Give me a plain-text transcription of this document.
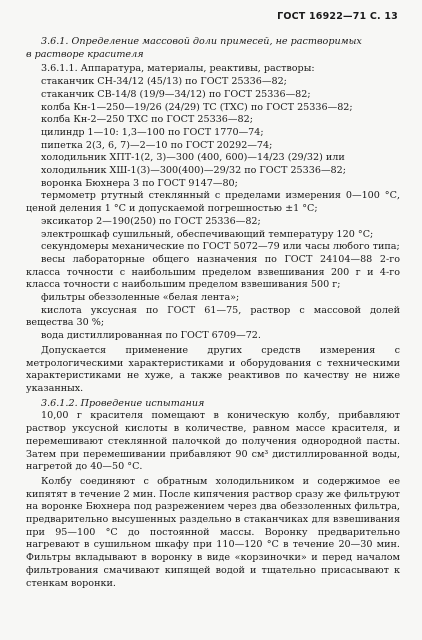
ГОСТ 16922—71 С. 13
3.6.1. Определение массовой доли примесей, не растворимых
в растворе красителя

3.6.1.1. Аппаратура, материалы, реактивы, растворы:

стаканчик СН-34/12 (45/13) по ГОСТ 25336—82;
стаканчик СВ-14/8 (19/9—34/12) по ГОСТ 25336—82;
колба Кн-1—250—19/26 (24/29) ТС (ТХС) по ГОСТ 25336—82;
колба Кн-2—250 ТХС по ГОСТ 25336—82;
цилиндр 1—10: 1,3—100 по ГОСТ 1770—74;
пипетка 2(3, 6, 7)—2—10 по ГОСТ 20292—74;
холодильник ХПТ-1(2, 3)—300 (400, 600)—14/23 (29/32) или
холодильник ХШ-1(3)—300(400)—29/32 по ГОСТ 25336—82;
воронка Бюхнера 3 по ГОСТ 9147—80;

термометр ртутный стеклянный с пределами измерения 0—100 °С, ценой деления 1 °С и допускаемой погрешностью ±1 °С;

эксикатор 2—190(250) по ГОСТ 25336—82;
электрошкаф сушильный, обеспечивающий температуру 120 °С;

секундомеры механические по ГОСТ 5072—79 или часы любого типа;

весы лабораторные общего назначения по ГОСТ 24104—88 2-го класса точности с наибольшим пределом взвешивания 200 г и 4-го класса точности с наибольшим пределом взвешивания 500 г;

фильтры обеззоленные «белая лента»;

кислота уксусная по ГОСТ 61—75, раствор с массовой долей вещества 30 %;

вода дистиллированная по ГОСТ 6709—72.

Допускается применение других средств измерения с метрологическими характеристиками и оборудования с техническими характеристиками не хуже, а также реактивов по качеству не ниже указанных.

3.6.1.2. Проведение испытания

10,00 г красителя помещают в коническую колбу, прибавляют раствор уксусной кислоты в количестве, равном массе красителя, и перемешивают стеклянной палочкой до получения однородной пасты. Затем при перемешивании прибавляют 90 см³ дистиллированной воды, нагретой до 40—50 °С.

Колбу соединяют с обратным холодильником и содержимое ее кипятят в течение 2 мин. После кипячения раствор сразу же фильтруют на воронке Бюхнера под разрежением через два обеззоленных фильтра, предварительно высушенных раздельно в стаканчиках для взвешивания при 95—100 °С до постоянной массы. Воронку предварительно нагревают в сушильном шкафу при 110—120 °С в течение 20—30 мин. Фильтры вкладывают в воронку в виде «корзиночки» и перед началом фильтрования смачивают кипящей водой и тщательно присасывают к стенкам воронки.
